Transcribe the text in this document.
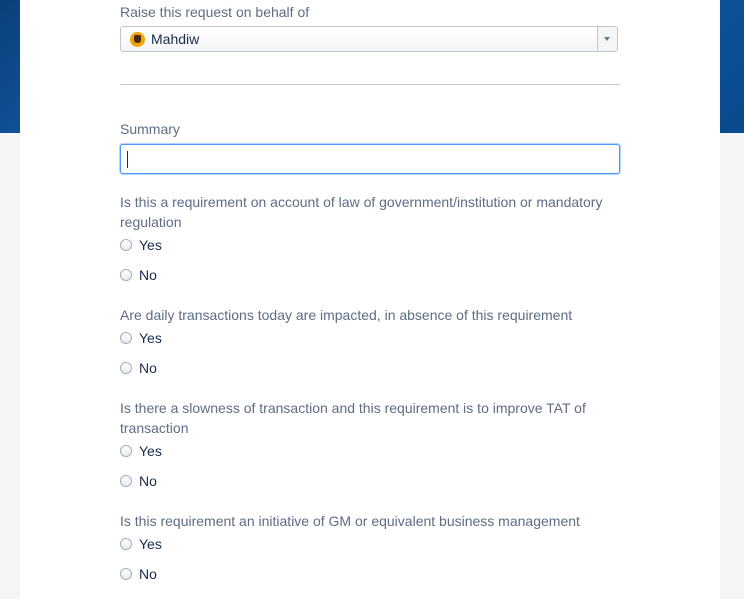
Raise this request on behalf of
Mahdiw
Summary
Is this a requirement on account of law of government/institution or mandatory regulation
Yes
No
Are daily transactions today are impacted, in absence of this requirement
Yes
No
Is there a slowness of transaction and this requirement is to improve TAT of transaction
Yes
No
Is this requirement an initiative of GM or equivalent business management
Yes
No
